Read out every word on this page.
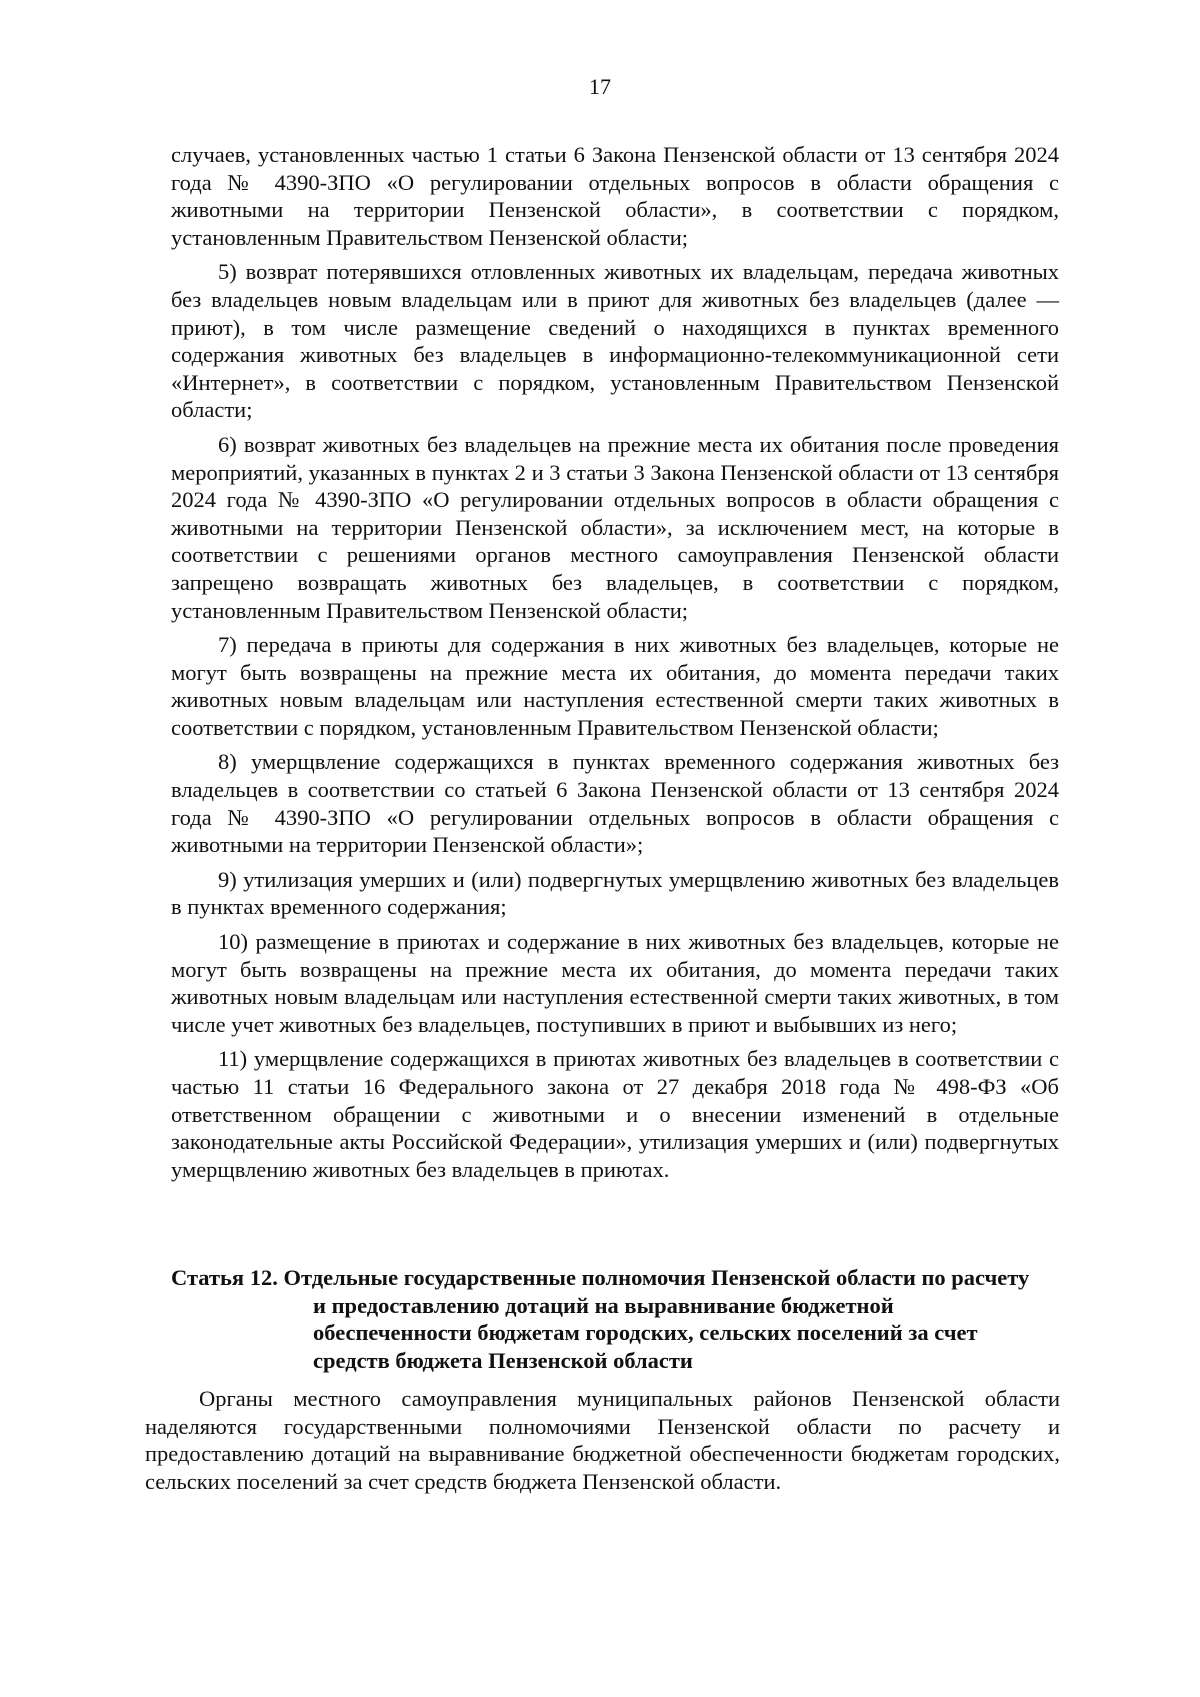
17

случаев, установленных частью 1 статьи 6 Закона Пензенской области от 13 сентября 2024 года № 4390-ЗПО «О регулировании отдельных вопросов в области обращения с животными на территории Пензенской области», в соответствии с порядком, установленным Правительством Пензенской области;

5) возврат потерявшихся отловленных животных их владельцам, передача животных без владельцев новым владельцам или в приют для животных без владельцев (далее — приют), в том числе размещение сведений о находящихся в пунктах временного содержания животных без владельцев в информационно-телекоммуникационной сети «Интернет», в соответствии с порядком, установленным Правительством Пензенской области;

6) возврат животных без владельцев на прежние места их обитания после проведения мероприятий, указанных в пунктах 2 и 3 статьи 3 Закона Пензенской области от 13 сентября 2024 года № 4390-ЗПО «О регулировании отдельных вопросов в области обращения с животными на территории Пензенской области», за исключением мест, на которые в соответствии с решениями органов местного самоуправления Пензенской области запрещено возвращать животных без владельцев, в соответствии с порядком, установленным Правительством Пензенской области;

7) передача в приюты для содержания в них животных без владельцев, которые не могут быть возвращены на прежние места их обитания, до момента передачи таких животных новым владельцам или наступления естественной смерти таких животных в соответствии с порядком, установленным Правительством Пензенской области;

8) умерщвление содержащихся в пунктах временного содержания животных без владельцев в соответствии со статьей 6 Закона Пензенской области от 13 сентября 2024 года № 4390-ЗПО «О регулировании отдельных вопросов в области обращения с животными на территории Пензенской области»;

9) утилизация умерших и (или) подвергнутых умерщвлению животных без владельцев в пунктах временного содержания;

10) размещение в приютах и содержание в них животных без владельцев, которые не могут быть возвращены на прежние места их обитания, до момента передачи таких животных новым владельцам или наступления естественной смерти таких животных, в том числе учет животных без владельцев, поступивших в приют и выбывших из него;

11) умерщвление содержащихся в приютах животных без владельцев в соответствии с частью 11 статьи 16 Федерального закона от 27 декабря 2018 года № 498-ФЗ «Об ответственном обращении с животными и о внесении изменений в отдельные законодательные акты Российской Федерации», утилизация умерших и (или) подвергнутых умерщвлению животных без владельцев в приютах.

Статья 12. Отдельные государственные полномочия Пензенской области по расчету и предоставлению дотаций на выравнивание бюджетной обеспеченности бюджетам городских, сельских поселений за счет средств бюджета Пензенской области

Органы местного самоуправления муниципальных районов Пензенской области наделяются государственными полномочиями Пензенской области по расчету и предоставлению дотаций на выравнивание бюджетной обеспеченности бюджетам городских, сельских поселений за счет средств бюджета Пензенской области.
